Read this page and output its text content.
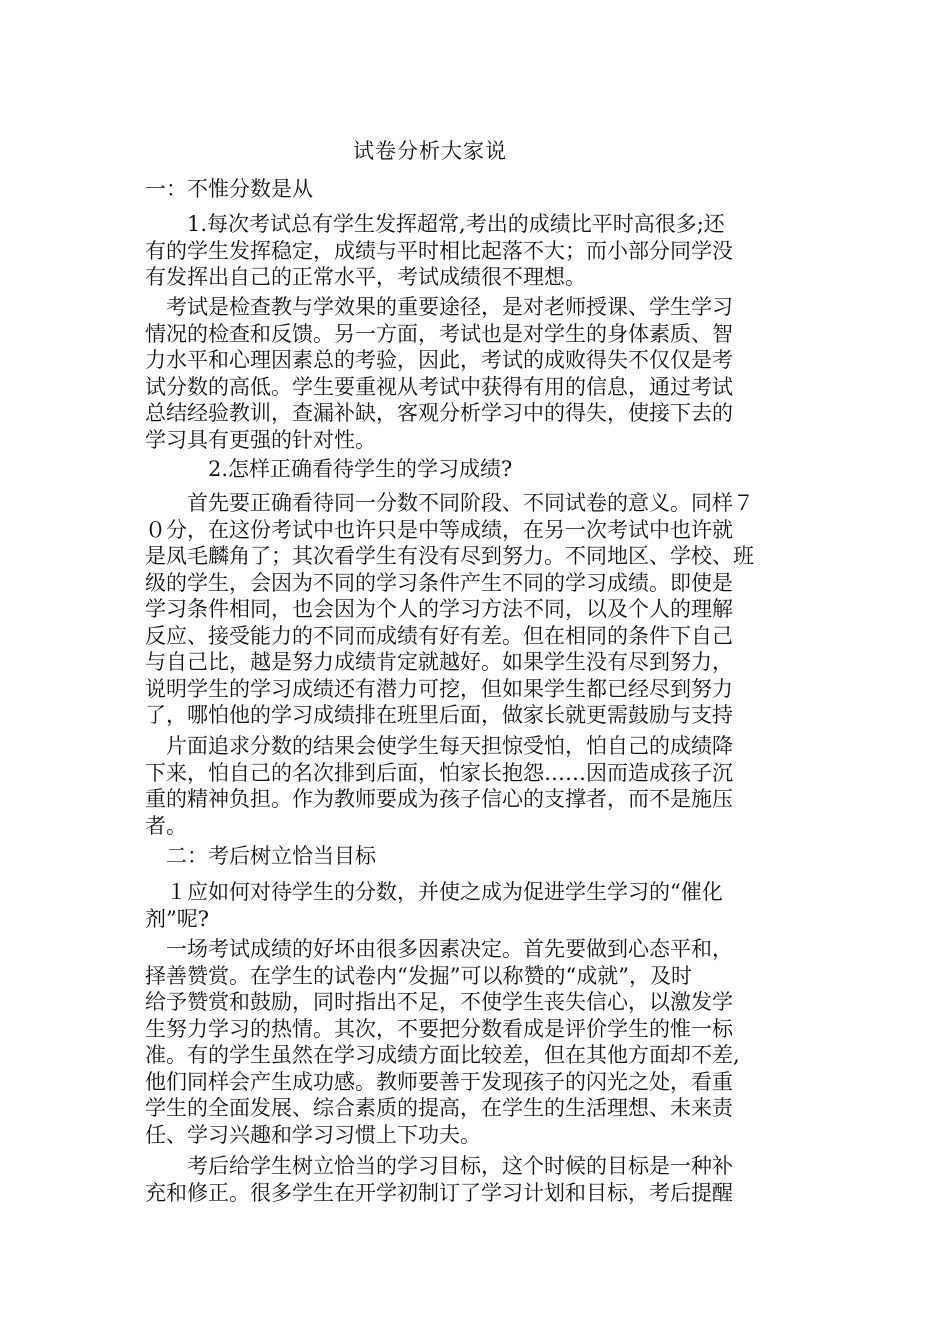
试卷分析大家说
一：不惟分数是从

　　1.每次考试总有学生发挥超常,考出的成绩比平时高很多;还
有的学生发挥稳定，成绩与平时相比起落不大；而小部分同学没
有发挥出自己的正常水平，考试成绩很不理想。

　考试是检查教与学效果的重要途径，是对老师授课、学生学习
情况的检查和反馈。另一方面，考试也是对学生的身体素质、智
力水平和心理因素总的考验，因此，考试的成败得失不仅仅是考
试分数的高低。学生要重视从考试中获得有用的信息，通过考试
总结经验教训，查漏补缺，客观分析学习中的得失，使接下去的
学习具有更强的针对性。

　　　2.怎样正确看待学生的学习成绩?

　　首先要正确看待同一分数不同阶段、不同试卷的意义。同样７
０分，在这份考试中也许只是中等成绩，在另一次考试中也许就
是凤毛麟角了；其次看学生有没有尽到努力。不同地区、学校、班
级的学生，会因为不同的学习条件产生不同的学习成绩。即使是
学习条件相同，也会因为个人的学习方法不同，以及个人的理解
反应、接受能力的不同而成绩有好有差。但在相同的条件下自己
与自己比，越是努力成绩肯定就越好。如果学生没有尽到努力，
说明学生的学习成绩还有潜力可挖，但如果学生都已经尽到努力
了，哪怕他的学习成绩排在班里后面，做家长就更需鼓励与支持

　片面追求分数的结果会使学生每天担惊受怕，怕自己的成绩降
下来，怕自己的名次排到后面，怕家长抱怨……因而造成孩子沉
重的精神负担。作为教师要成为孩子信心的支撑者，而不是施压
者。

二：考后树立恰当目标

　１应如何对待学生的分数，并使之成为促进学生学习的“催化
剂”呢?

　一场考试成绩的好坏由很多因素决定。首先要做到心态平和，
择善赞赏。在学生的试卷内“发掘”可以称赞的“成就”，及时
给予赞赏和鼓励，同时指出不足，不使学生丧失信心，以激发学
生努力学习的热情。其次，不要把分数看成是评价学生的惟一标
准。有的学生虽然在学习成绩方面比较差，但在其他方面却不差,
他们同样会产生成功感。教师要善于发现孩子的闪光之处，看重
学生的全面发展、综合素质的提高，在学生的生活理想、未来责
任、学习兴趣和学习习惯上下功夫。

　　考后给学生树立恰当的学习目标，这个时候的目标是一种补
充和修正。很多学生在开学初制订了学习计划和目标，考后提醒
